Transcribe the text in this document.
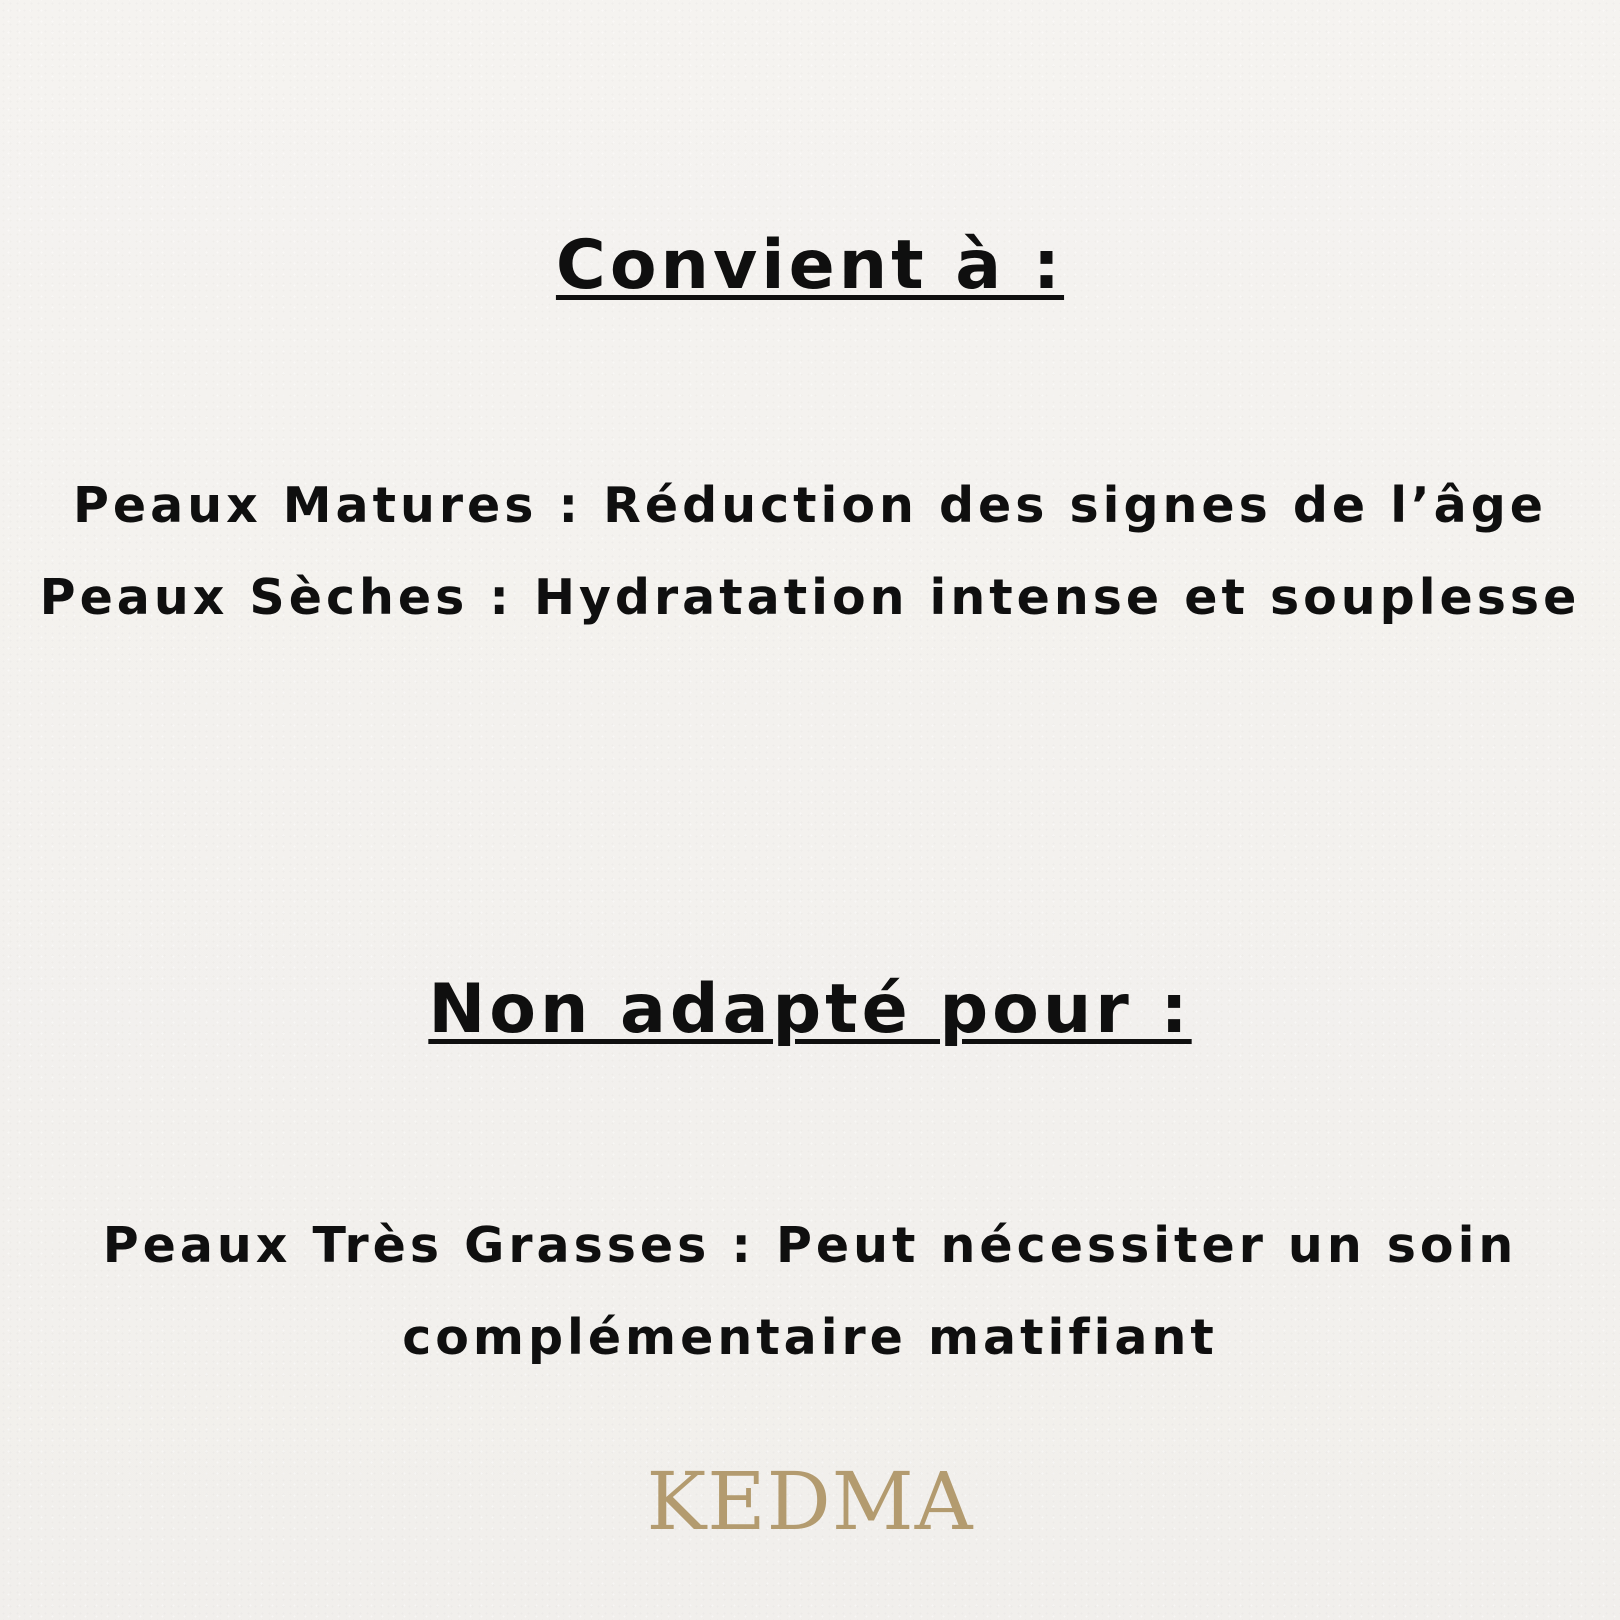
Convient à :
Peaux Matures : Réduction des signes de l’âge
Peaux Sèches : Hydratation intense et souplesse
Non adapté pour :
Peaux Très Grasses : Peut nécessiter un soin
complémentaire matifiant
KEDMA
